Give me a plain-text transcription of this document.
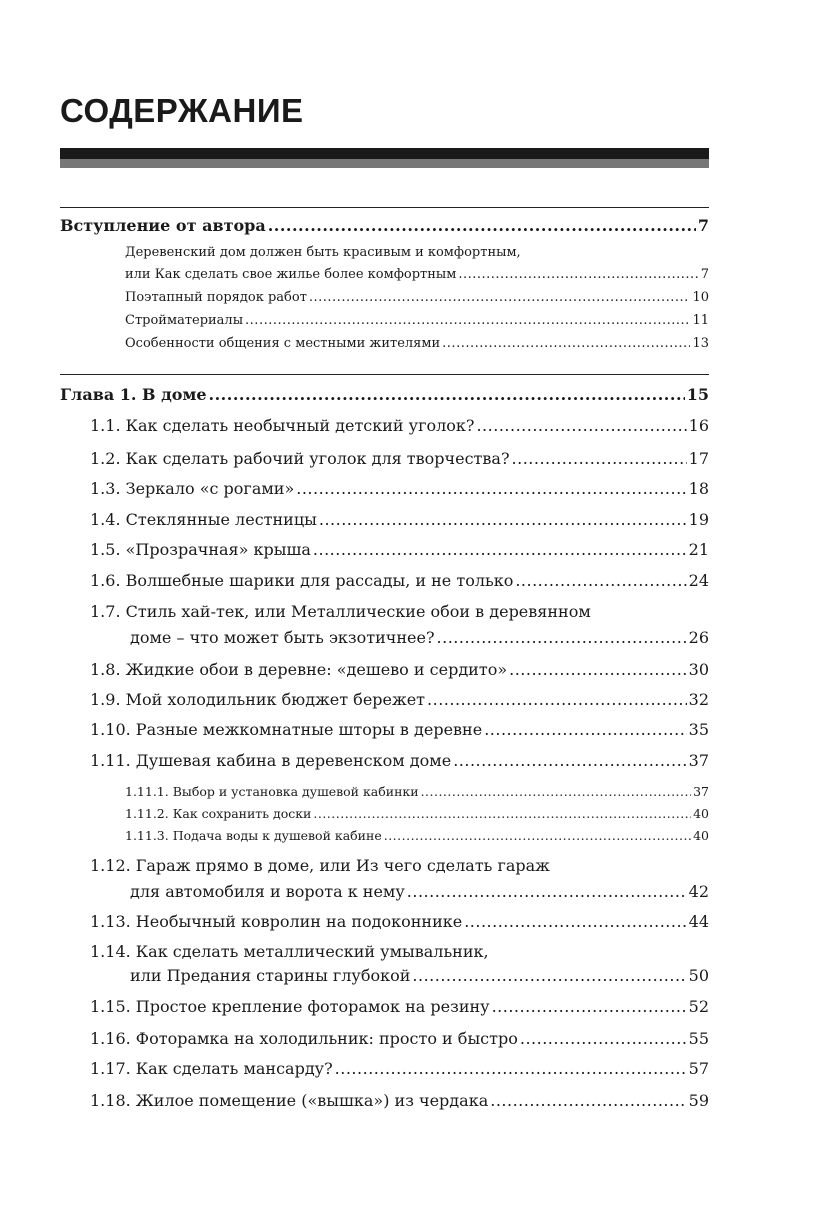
СОДЕРЖАНИЕ
Вступление от автора .....	7
Деревенский дом должен быть красивым и комфортным,
или Как сделать свое жилье более комфортным .....	7
Поэтапный порядок работ .....	10
Стройматериалы .....	11
Особенности общения с местными жителями .....	13
Глава 1. В доме .....	15
1.1. Как сделать необычный детский уголок? .....	16
1.2. Как сделать рабочий уголок для творчества? .....	17
1.3. Зеркало «с рогами» .....	18
1.4. Стеклянные лестницы .....	19
1.5. «Прозрачная» крыша .....	21
1.6. Волшебные шарики для рассады, и не только .....	24
1.7. Стиль хай-тек, или Металлические обои в деревянном
доме – что может быть экзотичнее? .....	26
1.8. Жидкие обои в деревне: «дешево и сердито» .....	30
1.9. Мой холодильник бюджет бережет .....	32
1.10. Разные межкомнатные шторы в деревне .....	35
1.11. Душевая кабина в деревенском доме .....	37
1.11.1. Выбор и установка душевой кабинки .....	37
1.11.2. Как сохранить доски .....	40
1.11.3. Подача воды к душевой кабине .....	40
1.12. Гараж прямо в доме, или Из чего сделать гараж
для автомобиля и ворота к нему .....	42
1.13. Необычный ковролин на подоконнике .....	44
1.14. Как сделать металлический умывальник,
или Предания старины глубокой .....	50
1.15. Простое крепление фоторамок на резину .....	52
1.16. Фоторамка на холодильник: просто и быстро .....	55
1.17. Как сделать мансарду? .....	57
1.18. Жилое помещение («вышка») из чердака .....	59
